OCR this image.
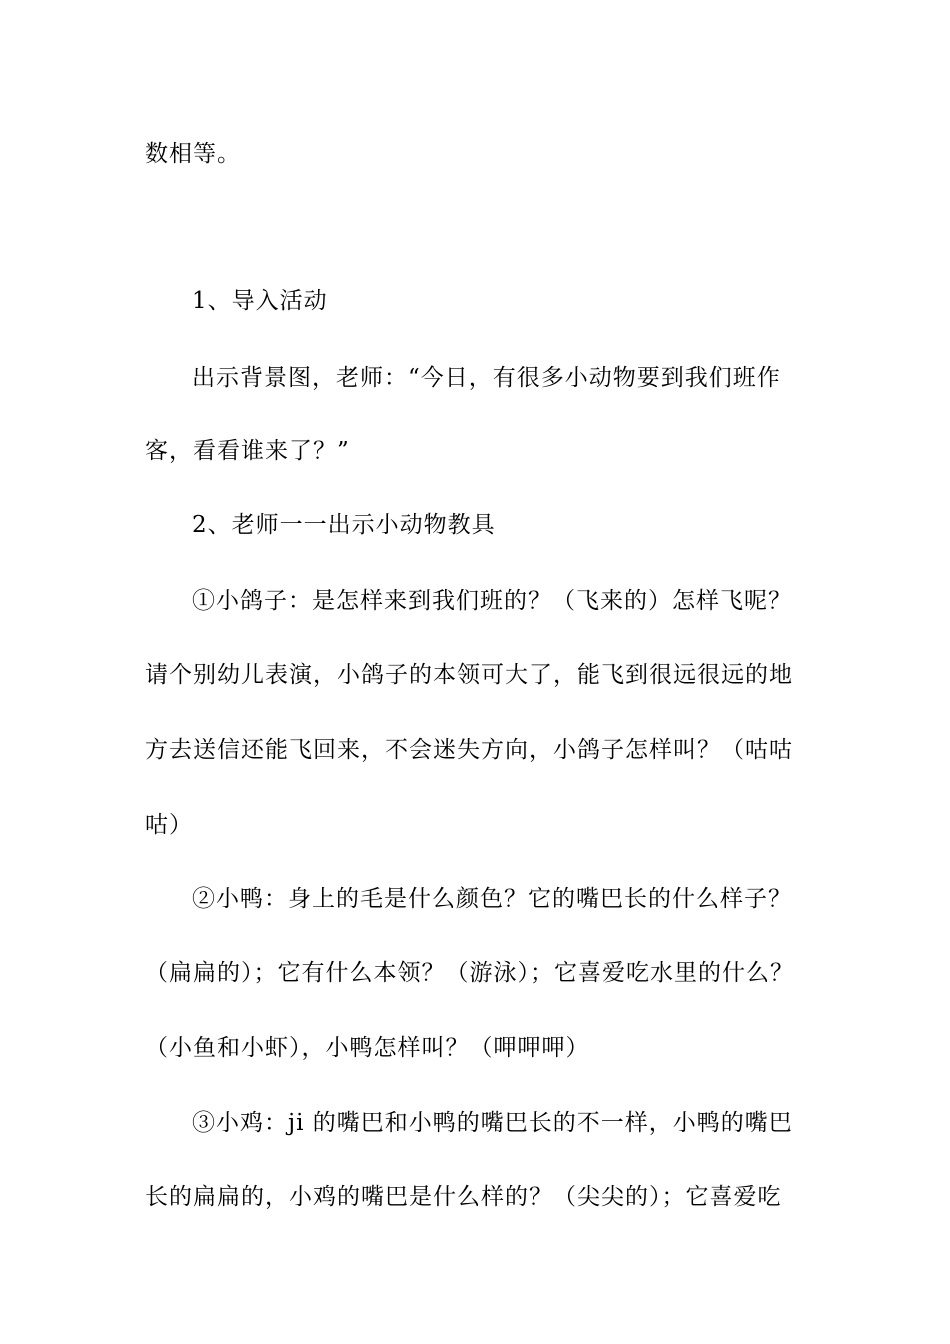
数相等。
1、导入活动
出示背景图，老师：“今日，有很多小动物要到我们班作
客，看看谁来了？”
2、老师一一出示小动物教具
①小鸽子：是怎样来到我们班的？（飞来的）怎样飞呢？
请个别幼儿表演，小鸽子的本领可大了，能飞到很远很远的地
方去送信还能飞回来，不会迷失方向，小鸽子怎样叫？（咕咕
咕）
②小鸭：身上的毛是什么颜色？它的嘴巴长的什么样子？
（扁扁的）；它有什么本领？（游泳）；它喜爱吃水里的什么？
（小鱼和小虾），小鸭怎样叫？（呷呷呷）
③小鸡：ji 的嘴巴和小鸭的嘴巴长的不一样，小鸭的嘴巴
长的扁扁的，小鸡的嘴巴是什么样的？（尖尖的）；它喜爱吃
